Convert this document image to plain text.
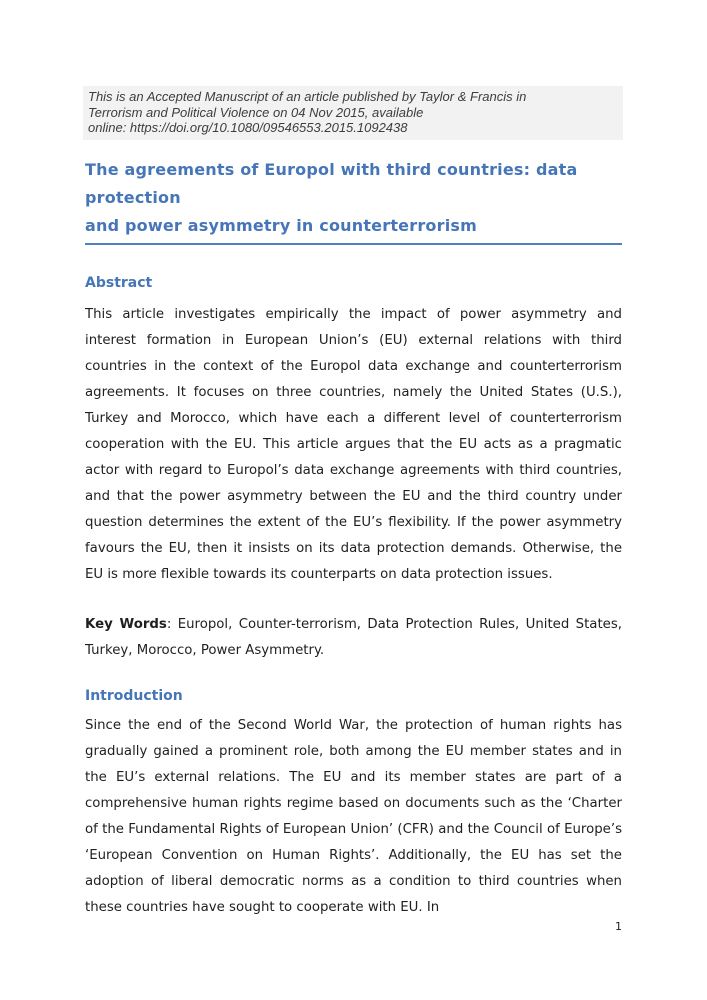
This is an Accepted Manuscript of an article published by Taylor & Francis in
Terrorism and Political Violence on 04 Nov 2015, available
online: https://doi.org/10.1080/09546553.2015.1092438
The agreements of Europol with third countries: data protection
and power asymmetry in counterterrorism
Abstract

This article investigates empirically the impact of power asymmetry and interest formation in European Union’s (EU) external relations with third countries in the context of the Europol data exchange and counterterrorism agreements. It focuses on three countries, namely the United States (U.S.), Turkey and Morocco, which have each a different level of counterterrorism cooperation with the EU. This article argues that the EU acts as a pragmatic actor with regard to Europol’s data exchange agreements with third countries, and that the power asymmetry between the EU and the third country under question determines the extent of the EU’s flexibility. If the power asymmetry favours the EU, then it insists on its data protection demands. Otherwise, the EU is more flexible towards its counterparts on data protection issues.

Key Words: Europol, Counter-terrorism, Data Protection Rules, United States, Turkey, Morocco, Power Asymmetry.

Introduction

Since the end of the Second World War, the protection of human rights has gradually gained a prominent role, both among the EU member states and in the EU’s external relations. The EU and its member states are part of a comprehensive human rights regime based on documents such as the ‘Charter of the Fundamental Rights of European Union’ (CFR) and the Council of Europe’s ‘European Convention on Human Rights’. Additionally, the EU has set the adoption of liberal democratic norms as a condition to third countries when these countries have sought to cooperate with EU. In

1
